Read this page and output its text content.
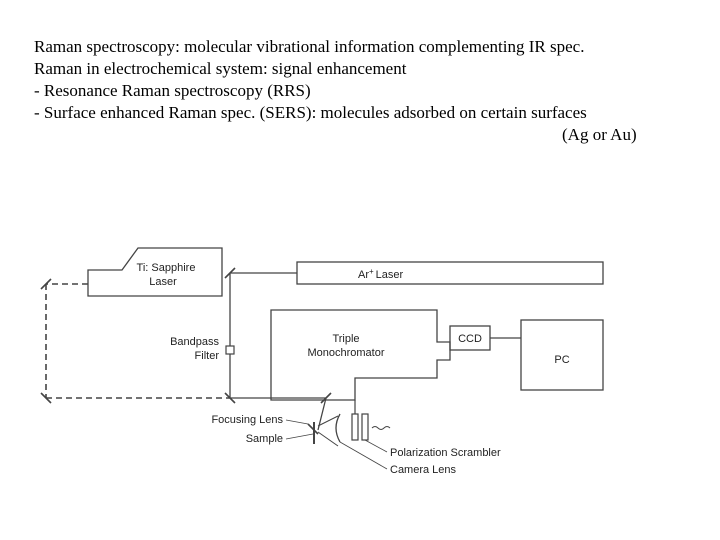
Raman spectroscopy: molecular vibrational information complementing IR spec.
Raman in electrochemical system: signal enhancement
- Resonance Raman spectroscopy (RRS)
- Surface enhanced Raman spec. (SERS): molecules adsorbed on certain surfaces
(Ag or Au)
Ti: Sapphire
Laser
Ar+ Laser
Triple
Monochromator
CCD
PC
Bandpass
Filter
Focusing Lens
Sample
Polarization Scrambler
Camera Lens
